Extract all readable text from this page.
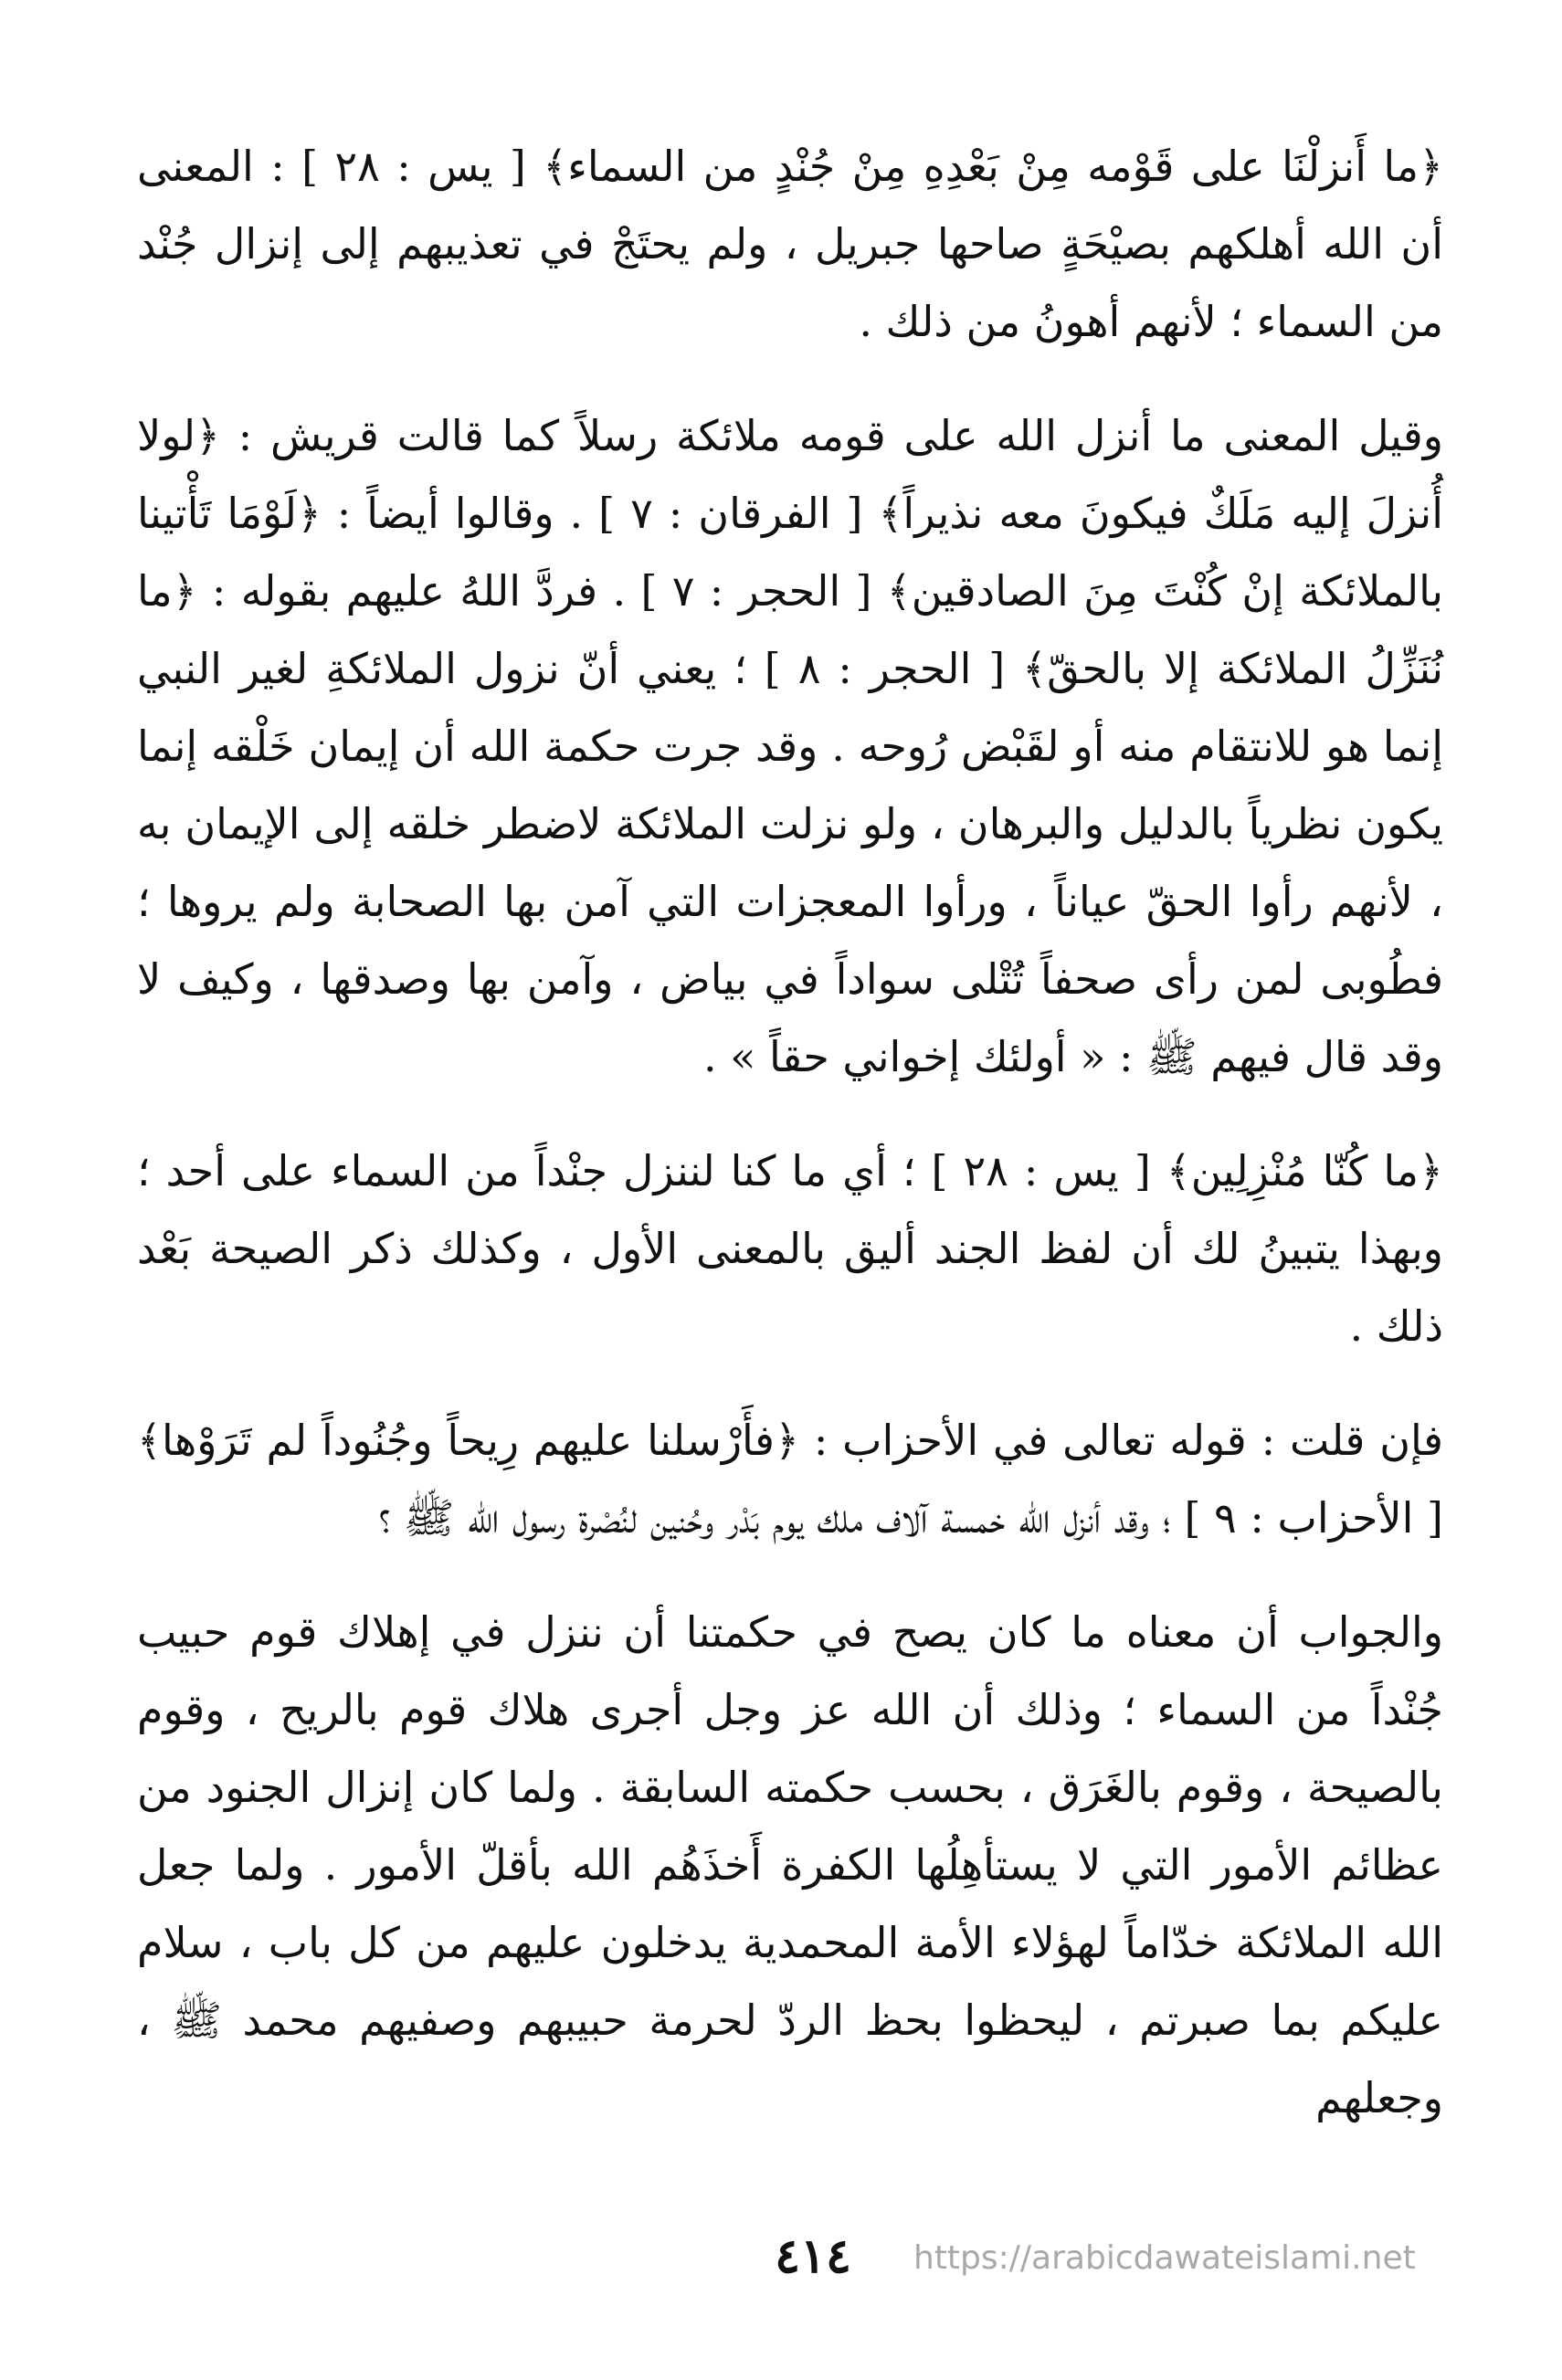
﴿ما أَنزلْنَا على قَوْمه مِنْ بَعْدِهِ مِنْ جُنْدٍ من السماء﴾ [ يس : ٢٨ ] : المعنى أن الله أهلكهم بصيْحَةٍ صاحها جبريل ، ولم يحتَجْ في تعذيبهم إلى إنزال جُنْد من السماء ؛ لأنهم أهونُ من ذلك .

وقيل المعنى ما أنزل الله على قومه ملائكة رسلاً كما قالت قريش : ﴿لولا أُنزلَ إليه مَلَكٌ فيكونَ معه نذيراً﴾ [ الفرقان : ٧ ] . وقالوا أيضاً : ﴿لَوْمَا تَأْتينا بالملائكة إنْ كُنْتَ مِنَ الصادقين﴾ [ الحجر : ٧ ] . فردَّ اللهُ عليهم بقوله : ﴿ما نُنَزِّلُ الملائكة إلا بالحقّ﴾ [ الحجر : ٨ ] ؛ يعني أنّ نزول الملائكةِ لغير النبي إنما هو للانتقام منه أو لقَبْض رُوحه . وقد جرت حكمة الله أن إيمان خَلْقه إنما يكون نظرياً بالدليل والبرهان ، ولو نزلت الملائكة لاضطر خلقه إلى الإيمان به ، لأنهم رأوا الحقّ عياناً ، ورأوا المعجزات التي آمن بها الصحابة ولم يروها ؛ فطُوبى لمن رأى صحفاً تُتْلى سواداً في بياض ، وآمن بها وصدقها ، وكيف لا وقد قال فيهم ﷺ : « أولئك إخواني حقاً » .

﴿ما كُنّا مُنْزِلِين﴾ [ يس : ٢٨ ] ؛ أي ما كنا لننزل جنْداً من السماء على أحد ؛ وبهذا يتبينُ لك أن لفظ الجند أليق بالمعنى الأول ، وكذلك ذكر الصيحة بَعْد ذلك .

فإن قلت : قوله تعالى في الأحزاب : ﴿فأَرْسلنا عليهم رِيحاً وجُنُوداً لم تَرَوْها﴾ [ الأحزاب : ٩ ] ؛ وقد أنزل الله خمسة آلاف ملك يوم بَدْر وحُنين لنُصْرة رسول الله ﷺ ؟

والجواب أن معناه ما كان يصح في حكمتنا أن ننزل في إهلاك قوم حبيب جُنْداً من السماء ؛ وذلك أن الله عز وجل أجرى هلاك قوم بالريح ، وقوم بالصيحة ، وقوم بالغَرَق ، بحسب حكمته السابقة . ولما كان إنزال الجنود من عظائم الأمور التي لا يستأهِلُها الكفرة أَخذَهُم الله بأقلّ الأمور . ولما جعل الله الملائكة خدّاماً لهؤلاء الأمة المحمدية يدخلون عليهم من كل باب ، سلام عليكم بما صبرتم ، ليحظوا بحظ الردّ لحرمة حبيبهم وصفيهم محمد ﷺ ، وجعلهم

٤١٤	https://arabicdawateislami.net
